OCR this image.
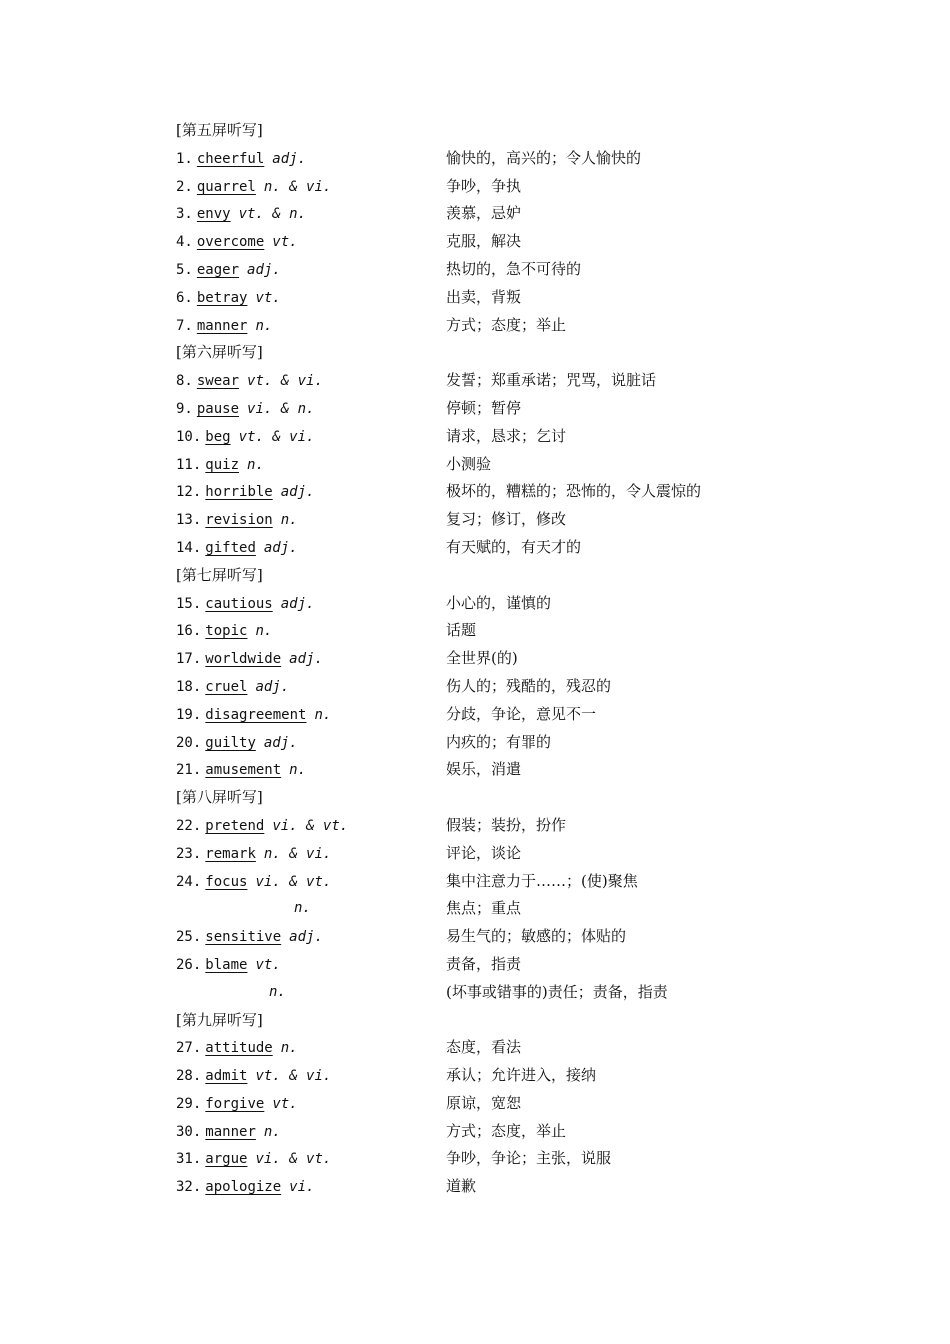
[第五屏听写]
1. cheerful adj.	愉快的，高兴的；令人愉快的
2. quarrel n. & vi.	争吵，争执
3. envy vt. & n.	羡慕，忌妒
4. overcome vt.	克服，解决
5. eager adj.	热切的，急不可待的
6. betray vt.	出卖，背叛
7. manner n.	方式；态度；举止
[第六屏听写]
8. swear vt. & vi.	发誓；郑重承诺；咒骂，说脏话
9. pause vi. & n.	停顿；暂停
10. beg vt. & vi.	请求，恳求；乞讨
11. quiz n.	小测验
12. horrible adj.	极坏的，糟糕的；恐怖的，令人震惊的
13. revision n.	复习；修订，修改
14. gifted adj.	有天赋的，有天才的
[第七屏听写]
15. cautious adj.	小心的，谨慎的
16. topic n.	话题
17. worldwide adj.	全世界(的)
18. cruel adj.	伤人的；残酷的，残忍的
19. disagreement n.	分歧，争论，意见不一
20. guilty adj.	内疚的；有罪的
21. amusement n.	娱乐，消遣
[第八屏听写]
22. pretend vi. & vt.	假装；装扮，扮作
23. remark n. & vi.	评论，谈论
24. focus vi. & vt.	集中注意力于……；(使)聚焦
n.	焦点；重点
25. sensitive adj.	易生气的；敏感的；体贴的
26. blame vt.	责备，指责
n.	(坏事或错事的)责任；责备，指责
[第九屏听写]
27. attitude n.	态度，看法
28. admit vt. & vi.	承认；允许进入，接纳
29. forgive vt.	原谅，宽恕
30. manner n.	方式；态度，举止
31. argue vi. & vt.	争吵，争论；主张，说服
32. apologize vi.	道歉
